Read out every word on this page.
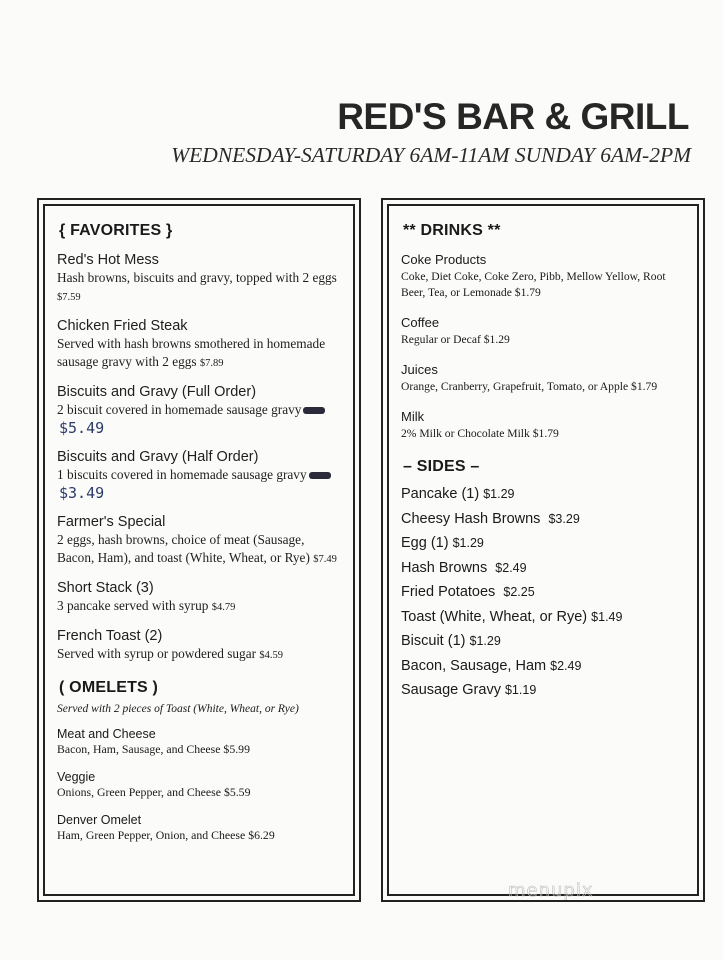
RED'S BAR & GRILL

WEDNESDAY-SATURDAY 6AM-11AM SUNDAY 6AM-2PM

{ FAVORITES }

Red's Hot Mess

Hash browns, biscuits and gravy, topped with 2 eggs $7.59

Chicken Fried Steak

Served with hash browns smothered in homemade sausage gravy with 2 eggs $7.89

Biscuits and Gravy (Full Order)

2 biscuit covered in homemade sausage gravy$5.49

Biscuits and Gravy (Half Order)

1 biscuits covered in homemade sausage gravy$3.49

Farmer's Special

2 eggs, hash browns, choice of meat (Sausage, Bacon, Ham), and toast (White, Wheat, or Rye) $7.49

Short Stack (3)

3 pancake served with syrup $4.79

French Toast (2)

Served with syrup or powdered sugar $4.59

( OMELETS )

Served with 2 pieces of Toast (White, Wheat, or Rye)

Meat and Cheese

Bacon, Ham, Sausage, and Cheese $5.99

Veggie

Onions, Green Pepper, and Cheese $5.59

Denver Omelet

Ham, Green Pepper, Onion, and Cheese $6.29

** DRINKS **

Coke Products

Coke, Diet Coke, Coke Zero, Pibb, Mellow Yellow, Root Beer, Tea, or Lemonade $1.79

Coffee

Regular or Decaf $1.29

Juices

Orange, Cranberry, Grapefruit, Tomato, or Apple $1.79

Milk

2% Milk or Chocolate Milk $1.79

– SIDES –

Pancake (1) $1.29

Cheesy Hash Browns $3.29

Egg (1) $1.29

Hash Browns $2.49

Fried Potatoes $2.25

Toast (White, Wheat, or Rye) $1.49

Biscuit (1) $1.29

Bacon, Sausage, Ham $2.49

Sausage Gravy $1.19

menupix
